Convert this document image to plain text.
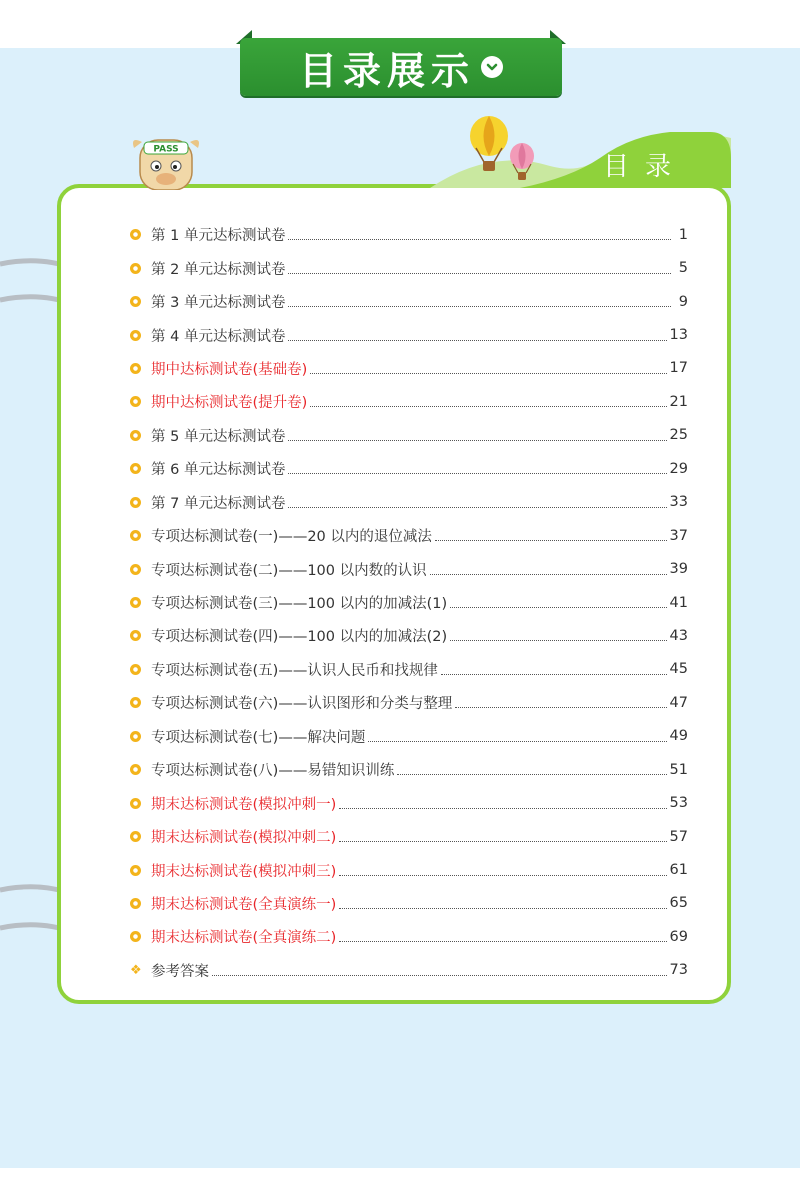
目录展示
目录
PASS
第 1 单元达标测试卷	1
第 2 单元达标测试卷	5
第 3 单元达标测试卷	9
第 4 单元达标测试卷	13
期中达标测试卷(基础卷)	17
期中达标测试卷(提升卷)	21
第 5 单元达标测试卷	25
第 6 单元达标测试卷	29
第 7 单元达标测试卷	33
专项达标测试卷(一)——20 以内的退位减法	37
专项达标测试卷(二)——100 以内数的认识	39
专项达标测试卷(三)——100 以内的加减法(1)	41
专项达标测试卷(四)——100 以内的加减法(2)	43
专项达标测试卷(五)——认识人民币和找规律	45
专项达标测试卷(六)——认识图形和分类与整理	47
专项达标测试卷(七)——解决问题	49
专项达标测试卷(八)——易错知识训练	51
期末达标测试卷(模拟冲刺一)	53
期末达标测试卷(模拟冲刺二)	57
期末达标测试卷(模拟冲刺三)	61
期末达标测试卷(全真演练一)	65
期末达标测试卷(全真演练二)	69
❖ 参考答案	73
